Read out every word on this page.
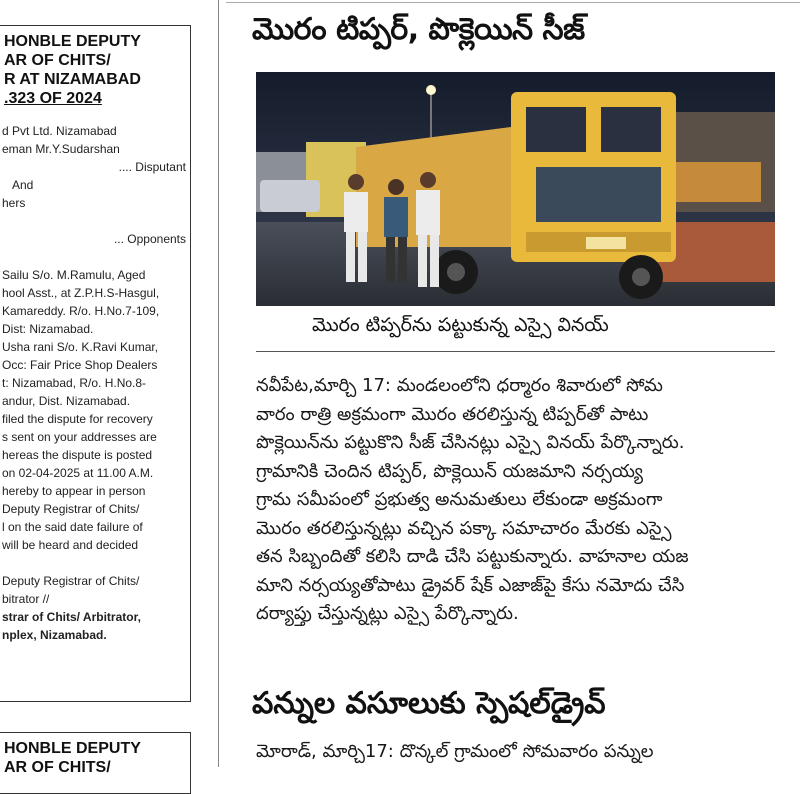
HONBLE DEPUTY
AR OF CHITS/
R AT NIZAMABAD
.323 OF 2024
d Pvt Ltd. Nizamabad
eman Mr.Y.Sudarshan
.... Disputant
And
hers

... Opponents

Sailu S/o. M.Ramulu, Aged
hool Asst., at Z.P.H.S-Hasgul,
Kamareddy. R/o. H.No.7-109,
Dist: Nizamabad.
Usha rani S/o. K.Ravi Kumar,
Occ: Fair Price Shop Dealers
t: Nizamabad, R/o. H.No.8-
andur, Dist. Nizamabad.
filed the dispute for recovery
s sent on your addresses are
hereas the dispute is posted
on 02-04-2025 at 11.00 A.M.
hereby to appear in person
Deputy Registrar of Chits/
l on the said date failure of
will be heard and decided

Deputy Registrar of Chits/
bitrator //
strar of Chits/ Arbitrator,
nplex, Nizamabad.
HONBLE DEPUTY
AR OF CHITS/
మొరం టిప్పర్, పొక్లెయిన్ సీజ్
మొరం టిప్పర్‌ను పట్టుకున్న ఎస్సై వినయ్
నవీపేట,మార్చి 17: మండలంలోని ధర్మారం శివారులో సోమ
వారం రాత్రి అక్రమంగా మొరం తరలిస్తున్న టిప్పర్‌తో పాటు
పొక్లెయిన్‌ను పట్టుకొని సీజ్ చేసినట్లు ఎస్సై వినయ్ పేర్కొన్నారు.
గ్రామానికి చెందిన టిప్పర్, పొక్లెయిన్ యజమాని నర్సయ్య
గ్రామ సమీపంలో ప్రభుత్వ అనుమతులు లేకుండా అక్రమంగా
మొరం తరలిస్తున్నట్లు వచ్చిన పక్కా సమాచారం మేరకు ఎస్సై
తన సిబ్బందితో కలిసి దాడి చేసి పట్టుకున్నారు. వాహనాల యజ
మాని నర్సయ్యతోపాటు డ్రైవర్ షేక్ ఎజాజ్‌పై కేసు నమోదు చేసి
దర్యాప్తు చేస్తున్నట్లు ఎస్సై పేర్కొన్నారు.
పన్నుల వసూలుకు స్పెషల్‌డ్రైవ్
మోరాడ్, మార్చి17: దొన్కల్ గ్రామంలో సోమవారం పన్నుల
